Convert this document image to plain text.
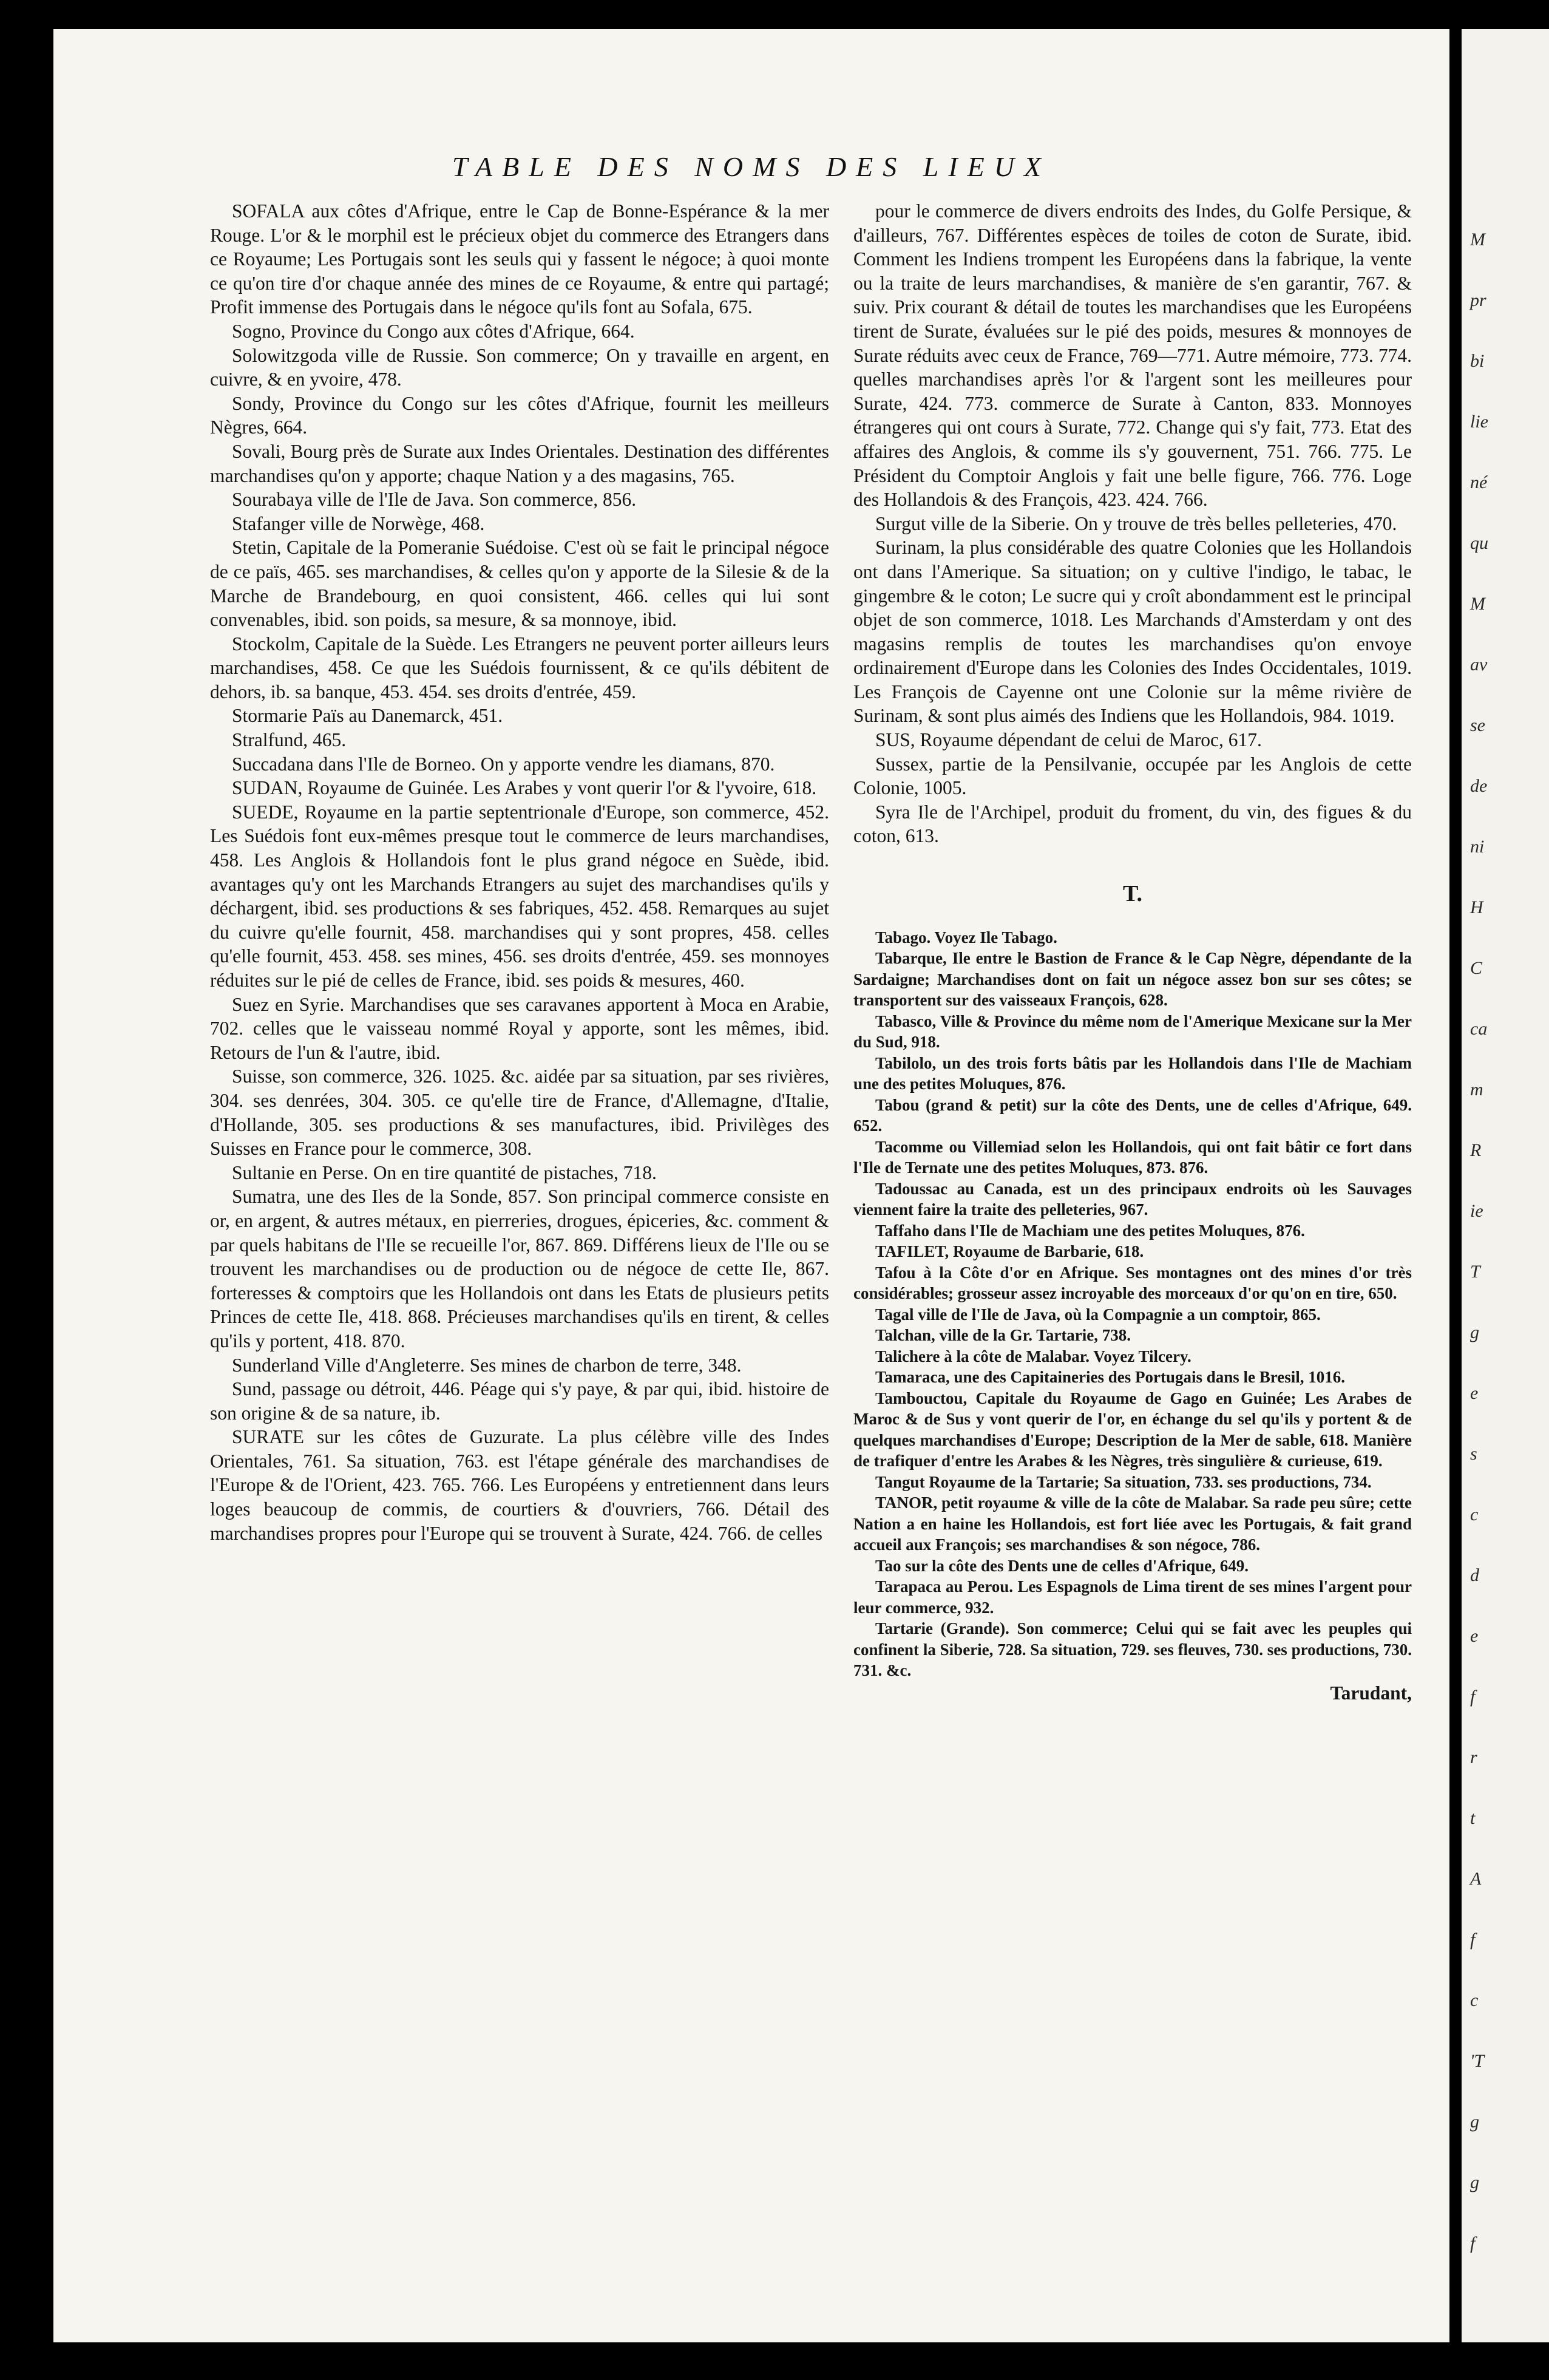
TABLE DES NOMS DES LIEUX

SOFALA aux côtes d'Afrique, entre le Cap de Bonne-Espérance & la mer Rouge. L'or & le morphil est le précieux objet du commerce des Etrangers dans ce Royaume; Les Portugais sont les seuls qui y fassent le négoce; à quoi monte ce qu'on tire d'or chaque année des mines de ce Royaume, & entre qui partagé; Profit immense des Portugais dans le négoce qu'ils font au Sofala, 675.

Sogno, Province du Congo aux côtes d'Afrique, 664.

Solowitzgoda ville de Russie. Son commerce; On y travaille en argent, en cuivre, & en yvoire, 478.

Sondy, Province du Congo sur les côtes d'Afrique, fournit les meilleurs Nègres, 664.

Sovali, Bourg près de Surate aux Indes Orientales. Destination des différentes marchandises qu'on y apporte; chaque Nation y a des magasins, 765.

Sourabaya ville de l'Ile de Java. Son commerce, 856.

Stafanger ville de Norwège, 468.

Stetin, Capitale de la Pomeranie Suédoise. C'est où se fait le principal négoce de ce païs, 465. ses marchandises, & celles qu'on y apporte de la Silesie & de la Marche de Brandebourg, en quoi consistent, 466. celles qui lui sont convenables, ibid. son poids, sa mesure, & sa monnoye, ibid.

Stockolm, Capitale de la Suède. Les Etrangers ne peuvent porter ailleurs leurs marchandises, 458. Ce que les Suédois fournissent, & ce qu'ils débitent de dehors, ib. sa banque, 453. 454. ses droits d'entrée, 459.

Stormarie Païs au Danemarck, 451.

Stralfund, 465.

Succadana dans l'Ile de Borneo. On y apporte vendre les diamans, 870.

SUDAN, Royaume de Guinée. Les Arabes y vont querir l'or & l'yvoire, 618.

SUEDE, Royaume en la partie septentrionale d'Europe, son commerce, 452. Les Suédois font eux-mêmes presque tout le commerce de leurs marchandises, 458. Les Anglois & Hollandois font le plus grand négoce en Suède, ibid. avantages qu'y ont les Marchands Etrangers au sujet des marchandises qu'ils y déchargent, ibid. ses productions & ses fabriques, 452. 458. Remarques au sujet du cuivre qu'elle fournit, 458. marchandises qui y sont propres, 458. celles qu'elle fournit, 453. 458. ses mines, 456. ses droits d'entrée, 459. ses monnoyes réduites sur le pié de celles de France, ibid. ses poids & mesures, 460.

Suez en Syrie. Marchandises que ses caravanes apportent à Moca en Arabie, 702. celles que le vaisseau nommé Royal y apporte, sont les mêmes, ibid. Retours de l'un & l'autre, ibid.

Suisse, son commerce, 326. 1025. &c. aidée par sa situation, par ses rivières, 304. ses denrées, 304. 305. ce qu'elle tire de France, d'Allemagne, d'Italie, d'Hollande, 305. ses productions & ses manufactures, ibid. Privilèges des Suisses en France pour le commerce, 308.

Sultanie en Perse. On en tire quantité de pistaches, 718.

Sumatra, une des Iles de la Sonde, 857. Son principal commerce consiste en or, en argent, & autres métaux, en pierreries, drogues, épiceries, &c. comment & par quels habitans de l'Ile se recueille l'or, 867. 869. Différens lieux de l'Ile ou se trouvent les marchandises ou de production ou de négoce de cette Ile, 867. forteresses & comptoirs que les Hollandois ont dans les Etats de plusieurs petits Princes de cette Ile, 418. 868. Précieuses marchandises qu'ils en tirent, & celles qu'ils y portent, 418. 870.

Sunderland Ville d'Angleterre. Ses mines de charbon de terre, 348.

Sund, passage ou détroit, 446. Péage qui s'y paye, & par qui, ibid. histoire de son origine & de sa nature, ib.

SURATE sur les côtes de Guzurate. La plus célèbre ville des Indes Orientales, 761. Sa situation, 763. est l'étape générale des marchandises de l'Europe & de l'Orient, 423. 765. 766. Les Européens y entretiennent dans leurs loges beaucoup de commis, de courtiers & d'ouvriers, 766. Détail des marchandises propres pour l'Europe qui se trouvent à Surate, 424. 766. de celles

pour le commerce de divers endroits des Indes, du Golfe Persique, & d'ailleurs, 767. Différentes espèces de toiles de coton de Surate, ibid. Comment les Indiens trompent les Européens dans la fabrique, la vente ou la traite de leurs marchandises, & manière de s'en garantir, 767. & suiv. Prix courant & détail de toutes les marchandises que les Européens tirent de Surate, évaluées sur le pié des poids, mesures & monnoyes de Surate réduits avec ceux de France, 769—771. Autre mémoire, 773. 774. quelles marchandises après l'or & l'argent sont les meilleures pour Surate, 424. 773. commerce de Surate à Canton, 833. Monnoyes étrangeres qui ont cours à Surate, 772. Change qui s'y fait, 773. Etat des affaires des Anglois, & comme ils s'y gouvernent, 751. 766. 775. Le Président du Comptoir Anglois y fait une belle figure, 766. 776. Loge des Hollandois & des François, 423. 424. 766.

Surgut ville de la Siberie. On y trouve de très belles pelleteries, 470.

Surinam, la plus considérable des quatre Colonies que les Hollandois ont dans l'Amerique. Sa situation; on y cultive l'indigo, le tabac, le gingembre & le coton; Le sucre qui y croît abondamment est le principal objet de son commerce, 1018. Les Marchands d'Amsterdam y ont des magasins remplis de toutes les marchandises qu'on envoye ordinairement d'Europe dans les Colonies des Indes Occidentales, 1019. Les François de Cayenne ont une Colonie sur la même rivière de Surinam, & sont plus aimés des Indiens que les Hollandois, 984. 1019.

SUS, Royaume dépendant de celui de Maroc, 617.

Sussex, partie de la Pensilvanie, occupée par les Anglois de cette Colonie, 1005.

Syra Ile de l'Archipel, produit du froment, du vin, des figues & du coton, 613.

T.

Tabago. Voyez Ile Tabago.

Tabarque, Ile entre le Bastion de France & le Cap Nègre, dépendante de la Sardaigne; Marchandises dont on fait un négoce assez bon sur ses côtes; se transportent sur des vaisseaux François, 628.

Tabasco, Ville & Province du même nom de l'Amerique Mexicane sur la Mer du Sud, 918.

Tabilolo, un des trois forts bâtis par les Hollandois dans l'Ile de Machiam une des petites Moluques, 876.

Tabou (grand & petit) sur la côte des Dents, une de celles d'Afrique, 649. 652.

Tacomme ou Villemiad selon les Hollandois, qui ont fait bâtir ce fort dans l'Ile de Ternate une des petites Moluques, 873. 876.

Tadoussac au Canada, est un des principaux endroits où les Sauvages viennent faire la traite des pelleteries, 967.

Taffaho dans l'Ile de Machiam une des petites Moluques, 876.

TAFILET, Royaume de Barbarie, 618.

Tafou à la Côte d'or en Afrique. Ses montagnes ont des mines d'or très considérables; grosseur assez incroyable des morceaux d'or qu'on en tire, 650.

Tagal ville de l'Ile de Java, où la Compagnie a un comptoir, 865.

Talchan, ville de la Gr. Tartarie, 738.

Talichere à la côte de Malabar. Voyez Tilcery.

Tamaraca, une des Capitaineries des Portugais dans le Bresil, 1016.

Tambouctou, Capitale du Royaume de Gago en Guinée; Les Arabes de Maroc & de Sus y vont querir de l'or, en échange du sel qu'ils y portent & de quelques marchandises d'Europe; Description de la Mer de sable, 618. Manière de trafiquer d'entre les Arabes & les Nègres, très singulière & curieuse, 619.

Tangut Royaume de la Tartarie; Sa situation, 733. ses productions, 734.

TANOR, petit royaume & ville de la côte de Malabar. Sa rade peu sûre; cette Nation a en haine les Hollandois, est fort liée avec les Portugais, & fait grand accueil aux François; ses marchandises & son négoce, 786.

Tao sur la côte des Dents une de celles d'Afrique, 649.

Tarapaca au Perou. Les Espagnols de Lima tirent de ses mines l'argent pour leur commerce, 932.

Tartarie (Grande). Son commerce; Celui qui se fait avec les peuples qui confinent la Siberie, 728. Sa situation, 729. ses fleuves, 730. ses productions, 730. 731. &c.

Tarudant,
M
pr
bi
lie
né
qu
M
av
se
de
ni
H
C
ca
m
R
ie
T
g
e
s
c
d
e
f
r
t
A
f
c
'T
g
g
f
